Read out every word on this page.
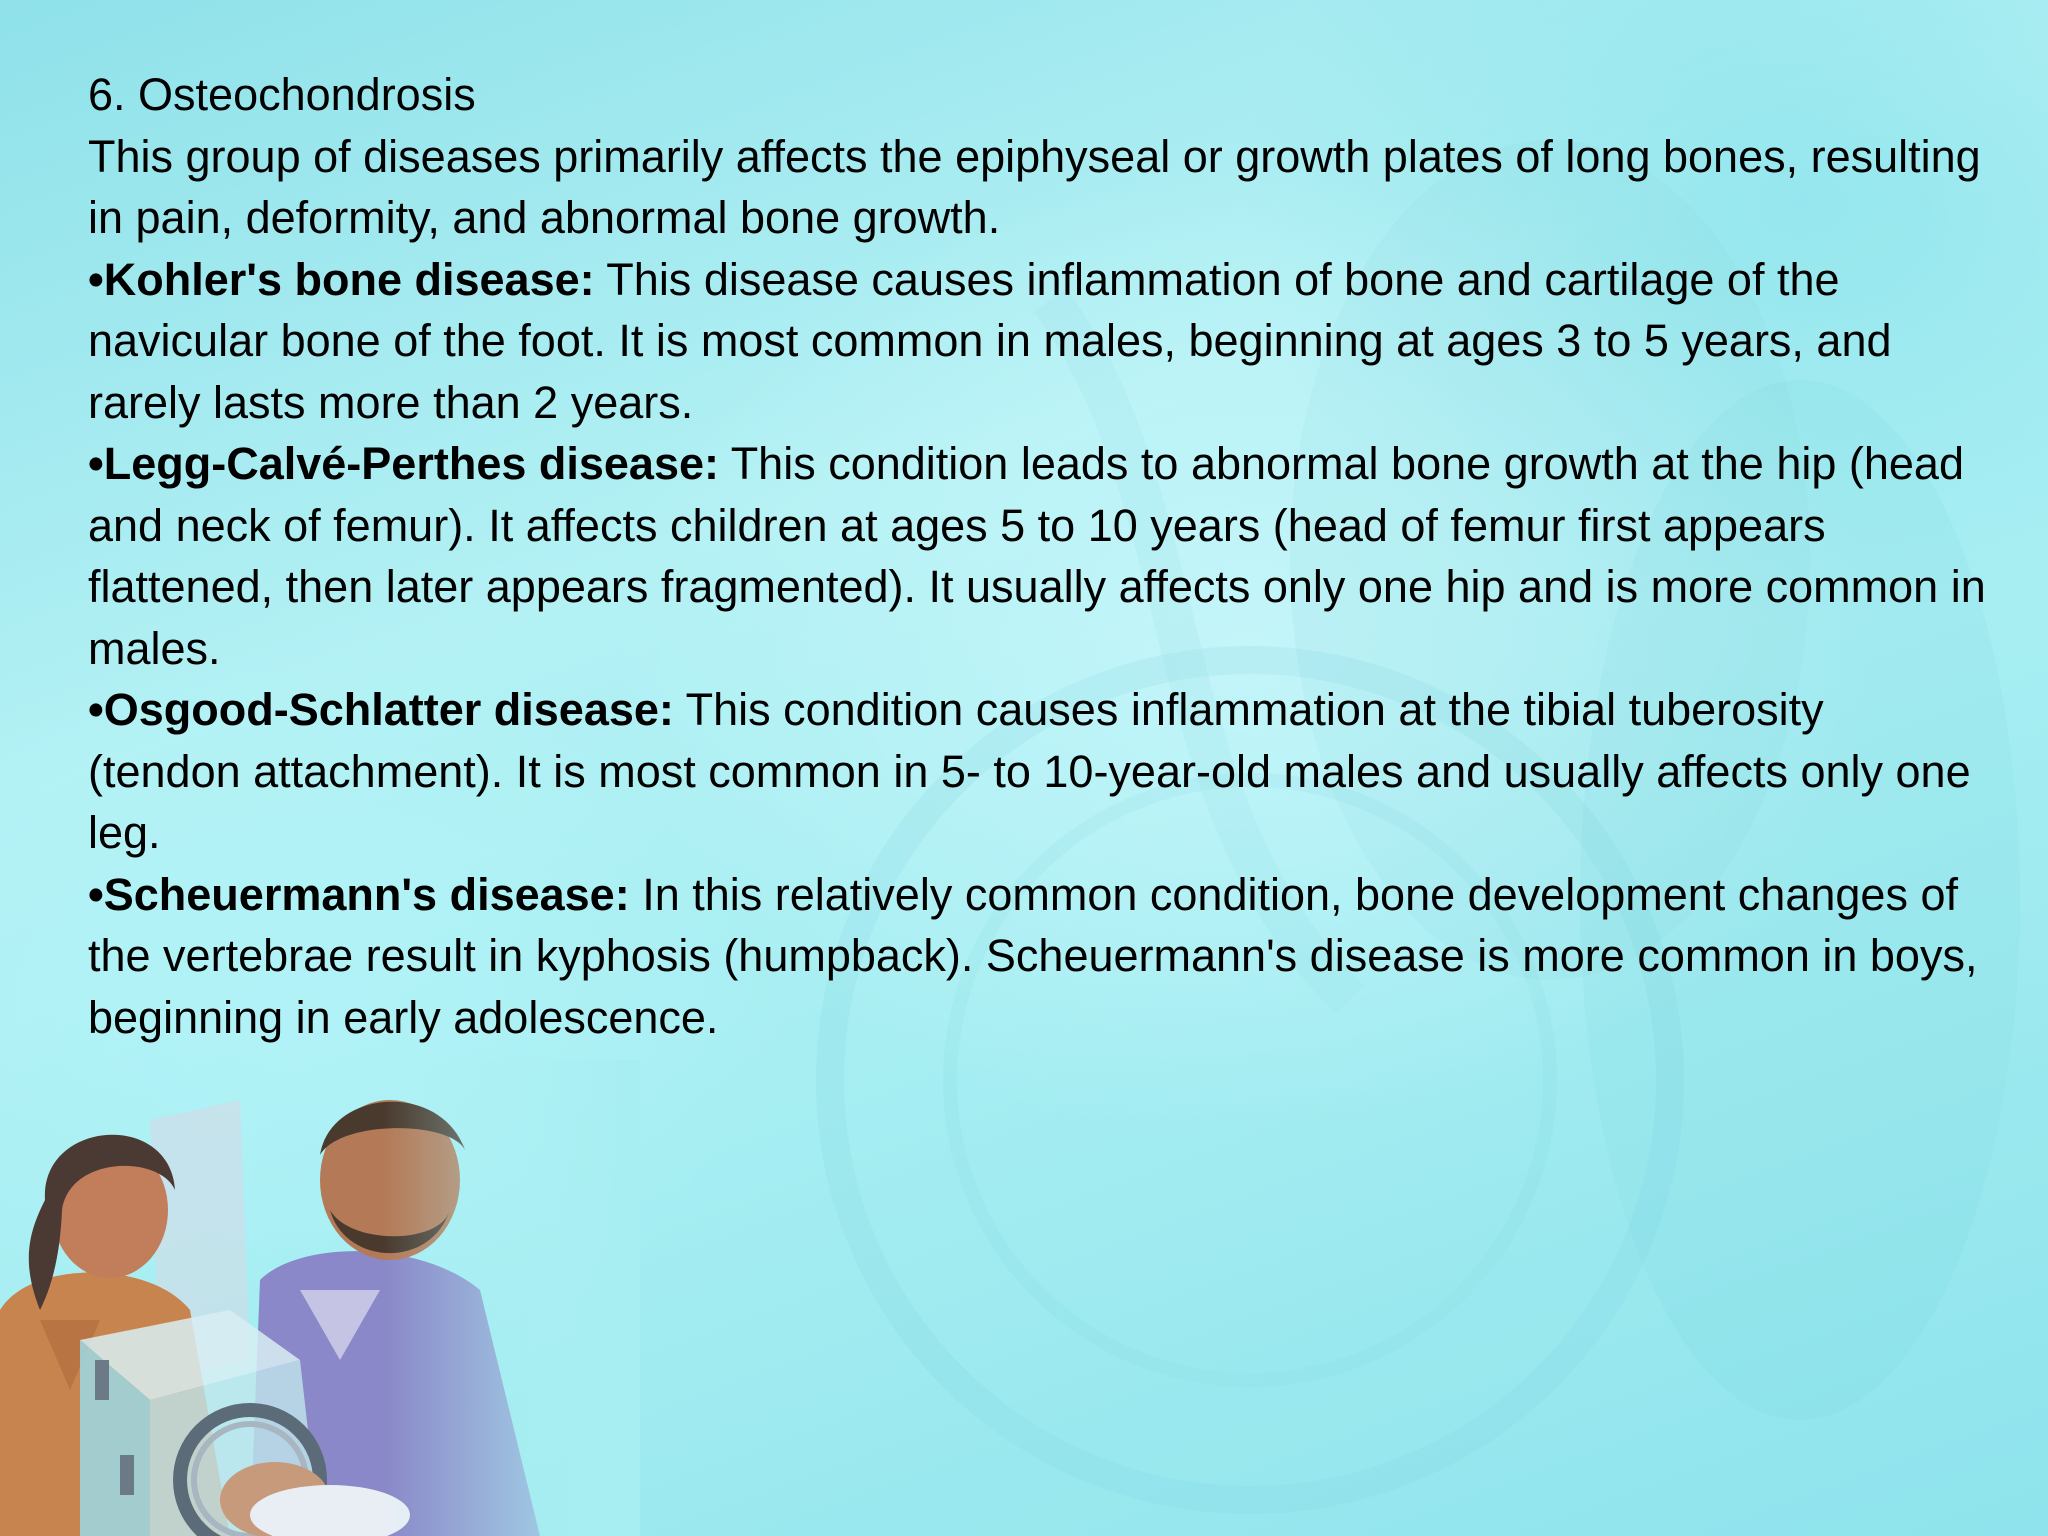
6. Osteochondrosis

This group of diseases primarily affects the epiphyseal or growth plates of long bones, resulting in pain, deformity, and abnormal bone growth.

•Kohler's bone disease: This disease causes inflammation of bone and cartilage of the navicular bone of the foot. It is most common in males, beginning at ages 3 to 5 years, and rarely lasts more than 2 years.

•Legg-Calvé-Perthes disease: This condition leads to abnormal bone growth at the hip (head and neck of femur). It affects children at ages 5 to 10 years (head of femur first appears flattened, then later appears fragmented). It usually affects only one hip and is more common in males.

•Osgood-Schlatter disease: This condition causes inflammation at the tibial tuberosity (tendon attachment). It is most common in 5- to 10-year-old males and usually affects only one leg.

•Scheuermann's disease: In this relatively common condition, bone development changes of the vertebrae result in kyphosis (humpback). Scheuermann's disease is more common in boys, beginning in early adolescence.
